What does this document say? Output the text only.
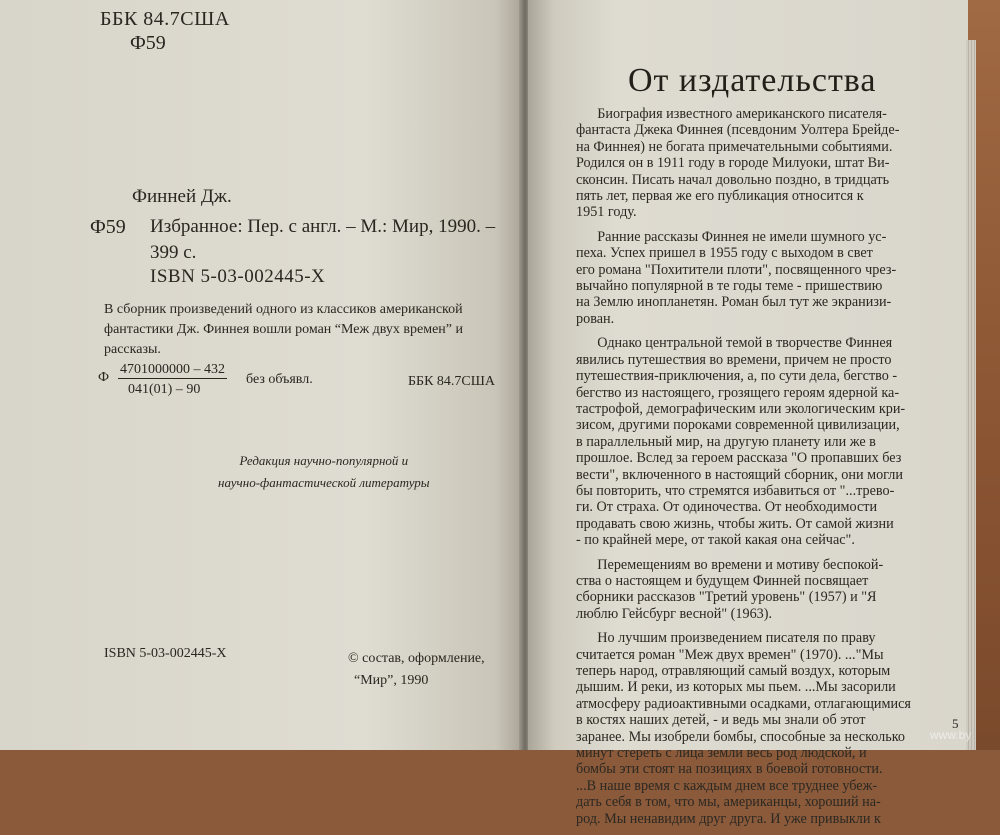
ББК 84.7США
Ф59
Финней Дж.
Ф59 Избранное: Пер. с англ. – М.: Мир, 1990. –
399 с.
ISBN 5-03-002445-X
В сборник произведений одного из классиков американской
фантастики Дж. Финнея вошли роман “Меж двух времен” и
рассказы.
Ф
4701000000 – 432
041(01) – 90
без объявл.	ББК 84.7США
Редакция научно-популярной и
научно-фантастической литературы
ISBN 5-03-002445-X	© состав, оформление,
“Мир”, 1990
От издательства
Биография известного американского писателя-
фантаста Джека Финнея (псевдоним Уолтера Брейде-
на Финнея) не богата примечательными событиями.
Родился он в 1911 году в городе Милуоки, штат Ви-
сконсин. Писать начал довольно поздно, в тридцать
пять лет, первая же его публикация относится к
1951 году.
Ранние рассказы Финнея не имели шумного ус-
пеха. Успех пришел в 1955 году с выходом в свет
его романа "Похитители плоти", посвященного чрез-
вычайно популярной в те годы теме - пришествию
на Землю инопланетян. Роман был тут же экранизи-
рован.
Однако центральной темой в творчестве Финнея
явились путешествия во времени, причем не просто
путешествия-приключения, а, по сути дела, бегство -
бегство из настоящего, грозящего героям ядерной ка-
тастрофой, демографическим или экологическим кри-
зисом, другими пороками современной цивилизации,
в параллельный мир, на другую планету или же в
прошлое. Вслед за героем рассказа "О пропавших без
вести", включенного в настоящий сборник, они могли
бы повторить, что стремятся избавиться от "...трево-
ги. От страха. От одиночества. От необходимости
продавать свою жизнь, чтобы жить. От самой жизни
- по крайней мере, от такой какая она сейчас".
Перемещениям во времени и мотиву беспокой-
ства о настоящем и будущем Финней посвящает
сборники рассказов "Третий уровень" (1957) и "Я
люблю Гейсбург весной" (1963).
Но лучшим произведением писателя по праву
считается роман "Меж двух времен" (1970). ..."Мы
теперь народ, отравляющий самый воздух, которым
дышим. И реки, из которых мы пьем. ...Мы засорили
атмосферу радиоактивными осадками, отлагающимися
в костях наших детей, - и ведь мы знали об этот
заранее. Мы изобрели бомбы, способные за несколько
минут стереть с лица земли весь род людской, и
бомбы эти стоят на позициях в боевой готовности.
...В наше время с каждым днем все труднее убеж-
дать себя в том, что мы, американцы, хороший на-
род. Мы ненавидим друг друга. И уже привыкли к
5
www.by
